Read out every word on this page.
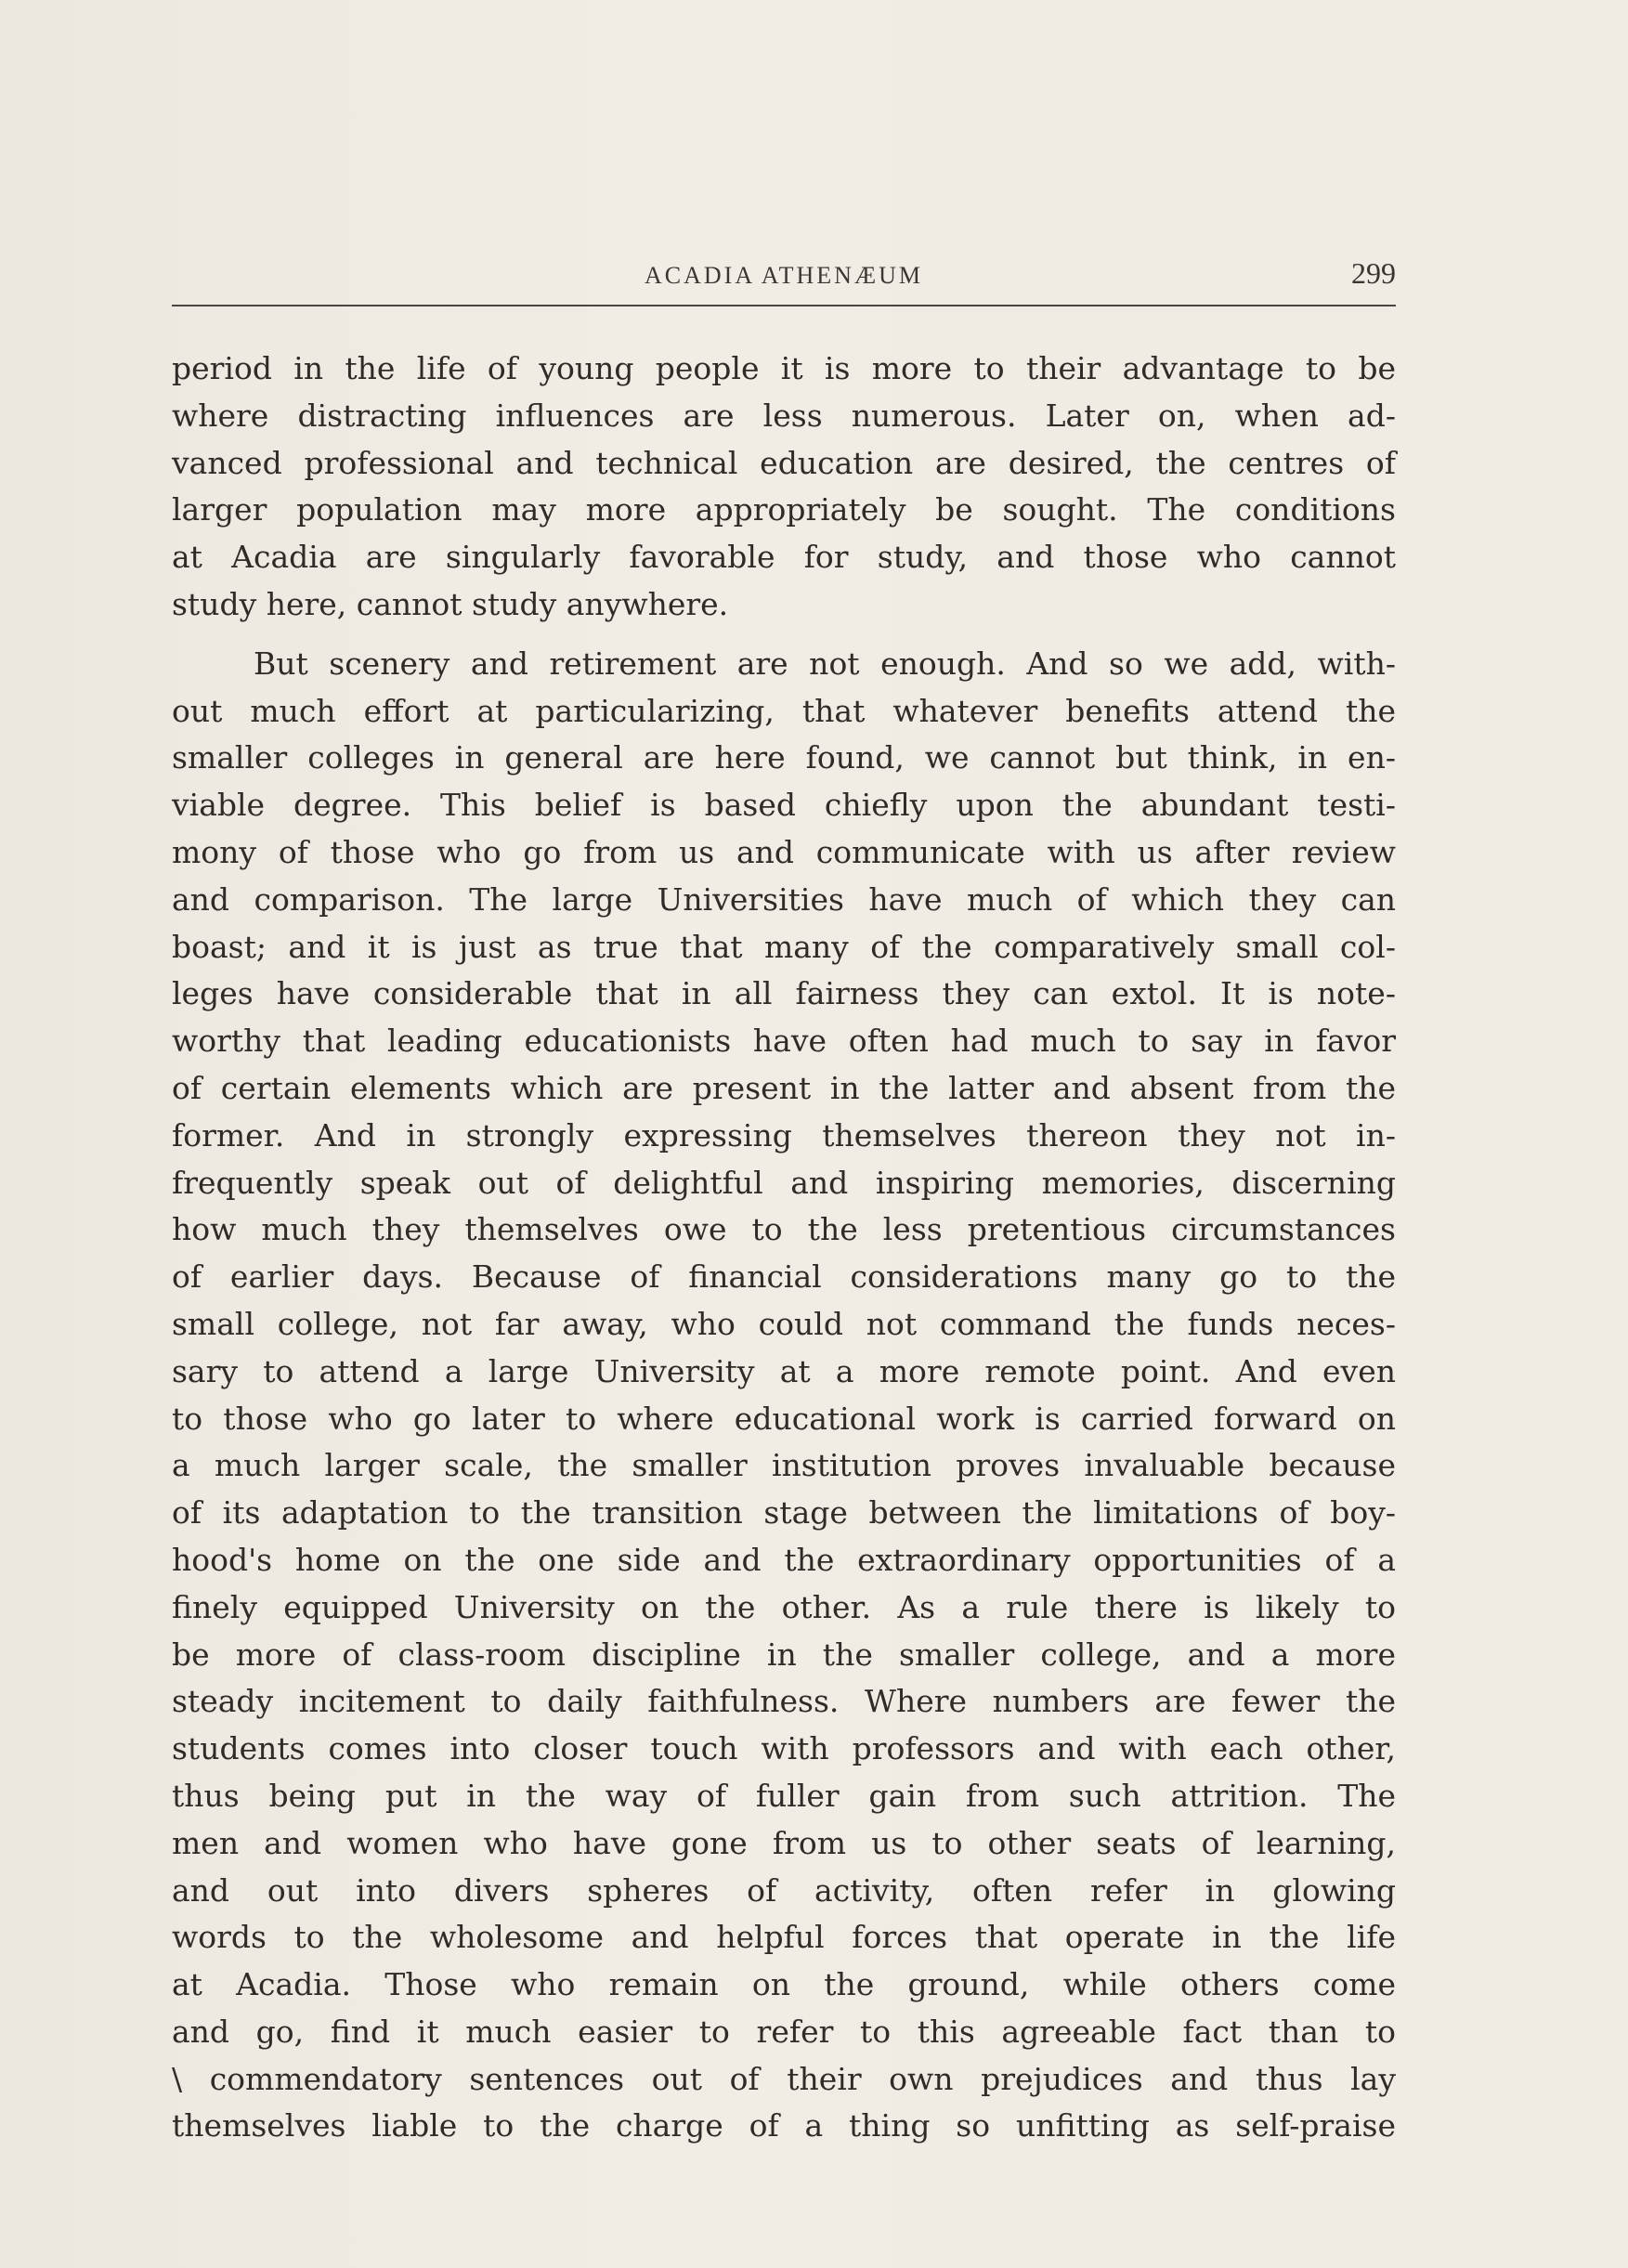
ACADIA ATHENÆUM	299
period in the life of young people it is more to their advantage to be
where distracting influences are less numerous. Later on, when ad-
vanced professional and technical education are desired, the centres of
larger population may more appropriately be sought. The conditions
at Acadia are singularly favorable for study, and those who cannot
study here, cannot study anywhere.
But scenery and retirement are not enough. And so we add, with-
out much effort at particularizing, that whatever benefits attend the
smaller colleges in general are here found, we cannot but think, in en-
viable degree. This belief is based chiefly upon the abundant testi-
mony of those who go from us and communicate with us after review
and comparison. The large Universities have much of which they can
boast; and it is just as true that many of the comparatively small col-
leges have considerable that in all fairness they can extol. It is note-
worthy that leading educationists have often had much to say in favor
of certain elements which are present in the latter and absent from the
former. And in strongly expressing themselves thereon they not in-
frequently speak out of delightful and inspiring memories, discerning
how much they themselves owe to the less pretentious circumstances
of earlier days. Because of financial considerations many go to the
small college, not far away, who could not command the funds neces-
sary to attend a large University at a more remote point. And even
to those who go later to where educational work is carried forward on
a much larger scale, the smaller institution proves invaluable because
of its adaptation to the transition stage between the limitations of boy-
hood's home on the one side and the extraordinary opportunities of a
finely equipped University on the other. As a rule there is likely to
be more of class-room discipline in the smaller college, and a more
steady incitement to daily faithfulness. Where numbers are fewer the
students comes into closer touch with professors and with each other,
thus being put in the way of fuller gain from such attrition. The
men and women who have gone from us to other seats of learning,
and out into divers spheres of activity, often refer in glowing
words to the wholesome and helpful forces that operate in the life
at Acadia. Those who remain on the ground, while others come
and go, find it much easier to refer to this agreeable fact than to
\ commendatory sentences out of their own prejudices and thus lay
themselves liable to the charge of a thing so unfitting as self-praise
